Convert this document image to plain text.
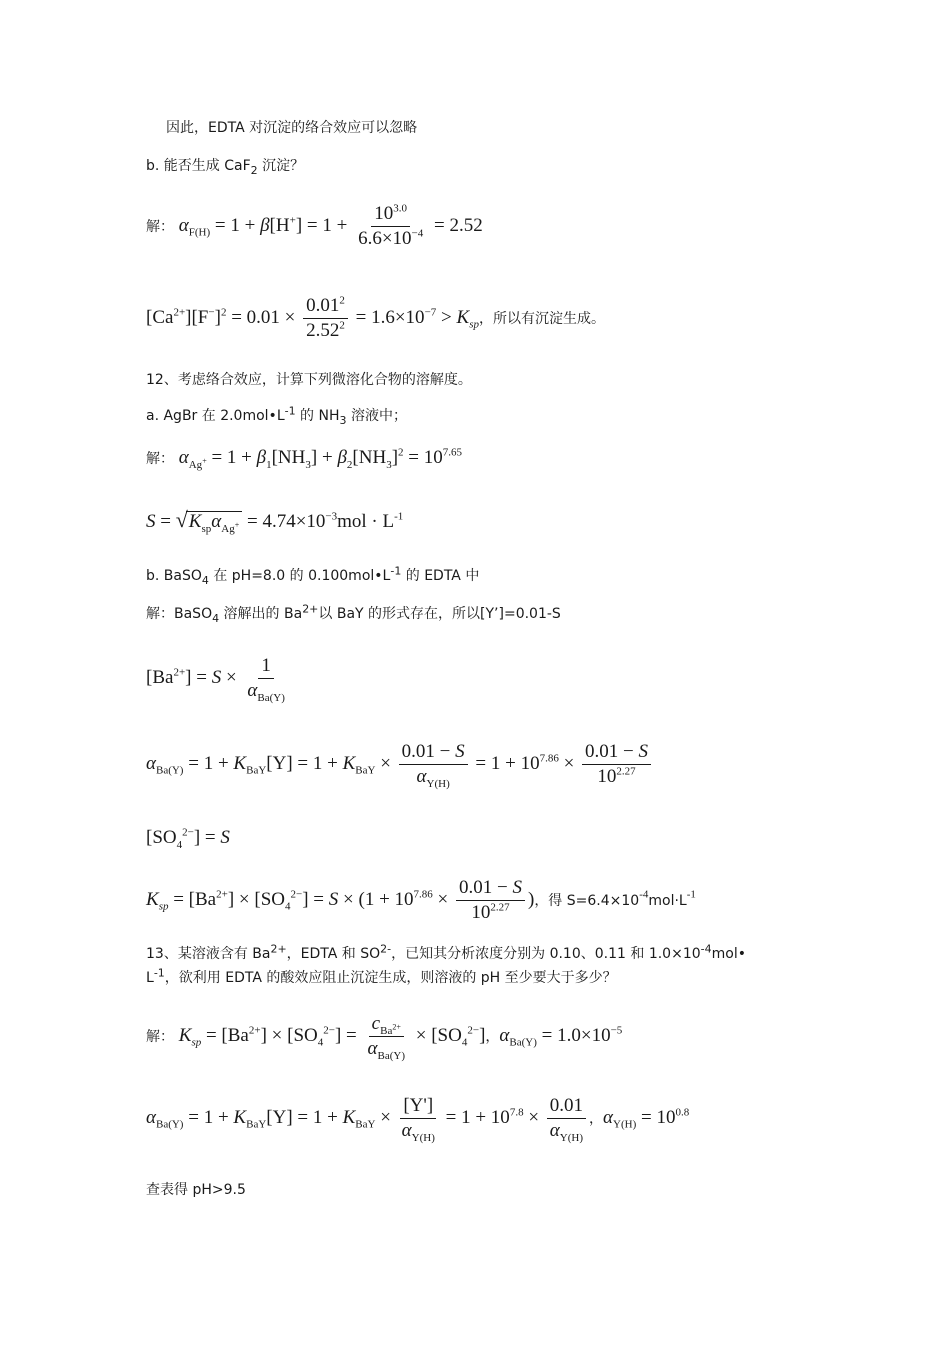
因此，EDTA 对沉淀的络合效应可以忽略
b. 能否生成 CaF$_2$ 沉淀？
解： $\alpha_{F(H)} = 1 + \beta[H^+] = 1 + \frac{10^{3.0}}{6.6\times 10^{-4}} = 2.52$
$[Ca^{2+}][F^-]^2 = 0.01 \times \frac{0.01^2}{2.52^2} = 1.6\times 10^{-7} > K_{sp}$，所以有沉淀生成。
12、考虑络合效应，计算下列微溶化合物的溶解度。
a. AgBr 在 $2.0mol•L^{-1}$ 的 $NH_3$ 溶液中；
解： $\alpha_{Ag^+} = 1 + \beta_1[NH_3] + \beta_2[NH_3]^2 = 10^{7.65}$
$S = √K_{sp}\alpha_{Ag^+} = 4.74\times 10^{-3}mol \cdot L^{-1}$
b. BaSO$_4$ 在 pH=8.0 的 $0.100mol•L^{-1}$ 的 EDTA 中
解：BaSO$_4$ 溶解出的 $Ba^{2+}$以 BaY 的形式存在，所以[Y’]=0.01-S
$[Ba^{2+}] = S \times \frac{1}{\alpha_{Ba(Y)}}$
$\alpha_{Ba(Y)} = 1 + K_{BaY}[Y] = 1 + K_{BaY} \times \frac{0.01 - S}{\alpha_{Y(H)}} = 1 + 10^{7.86} \times \frac{0.01 - S}{10^{2.27}}$
$[SO_4^{2-}] = S$
$K_{sp} = [Ba^{2+}] \times [SO_4^{2-}] = S \times (1 + 10^{7.86} \times \frac{0.01 - S}{10^{2.27}}$ )，得 $S=6.4\times 10^{-4}mol\cdot L^{-1}$
13、某溶液含有 $Ba^{2+}$，EDTA 和 $SO^{2-}$，已知其分析浓度分别为 0.10、0.11 和 $1.0\times 10^{-4}mol•$
$L^{-1}$，欲利用 EDTA 的酸效应阻止沉淀生成，则溶液的 pH 至少要大于多少？
解： $K_{sp} = [Ba^{2+}] \times [SO_4^{2-}] = \frac{c_{Ba^{2+}}}{\alpha_{Ba(Y)}} \times [SO_4^{2-}]$，$\alpha_{Ba(Y)} = 1.0\times 10^{-5}$
$\alpha_{Ba(Y)} = 1 + K_{BaY}[Y] = 1 + K_{BaY} \times \frac{[Y']}{\alpha_{Y(H)}} = 1 + 10^{7.8} \times \frac{0.01}{\alpha_{Y(H)}}$ ，$\alpha_{Y(H)} = 10^{0.8}$
查表得 pH>9.5
